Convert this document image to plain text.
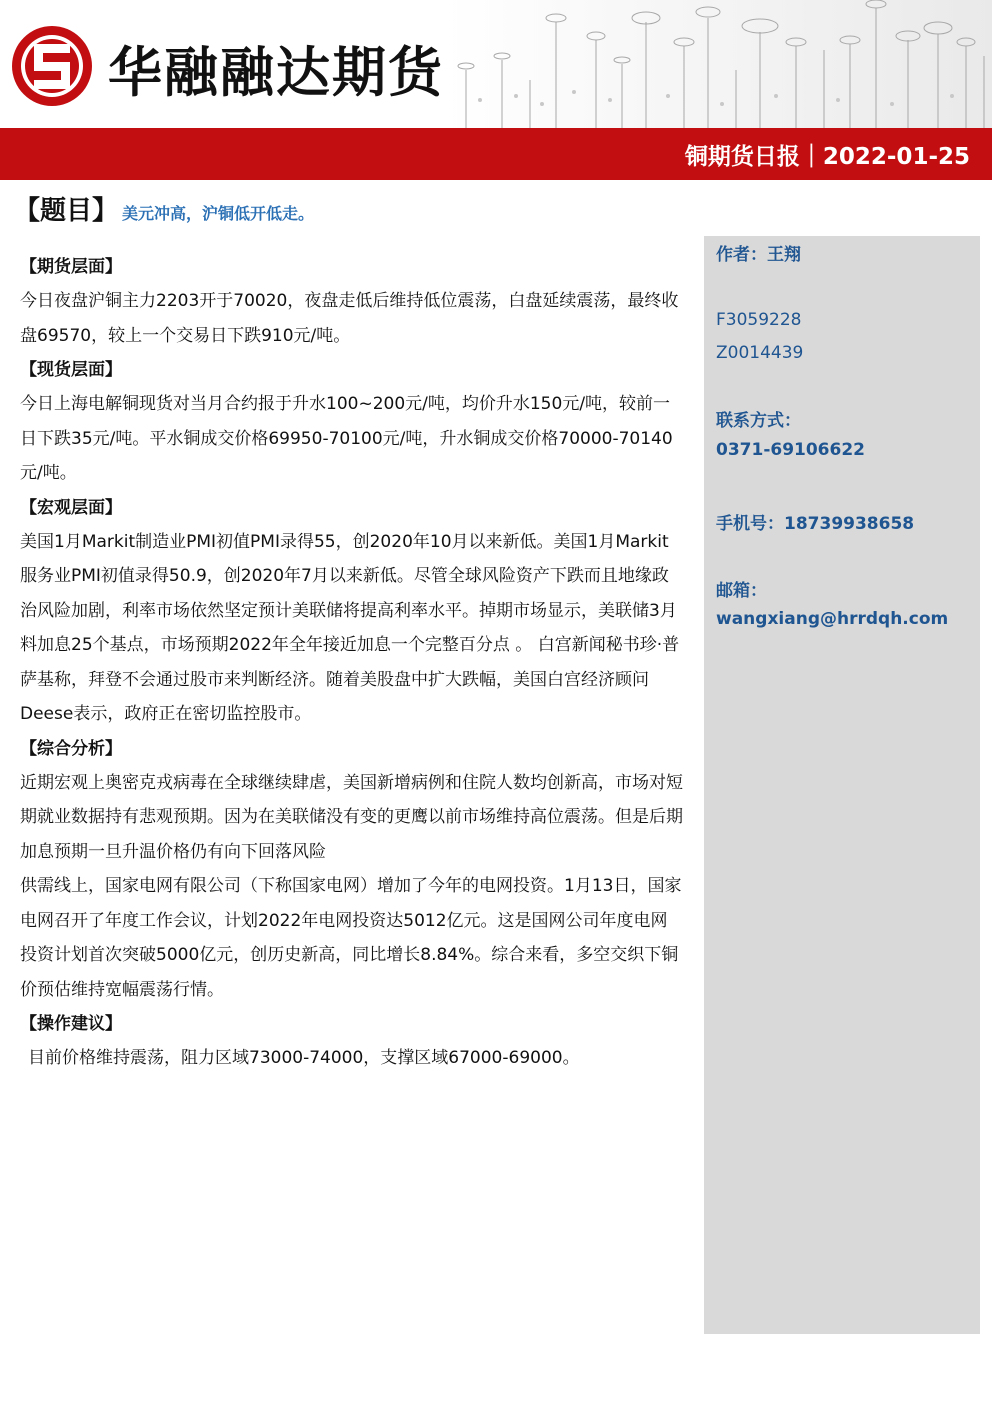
华融融达期货
铜期货日报｜2022-01-25
【题目】 美元冲高，沪铜低开低走。
作者：王翔
F3059228
Z0014439
联系方式：
0371-69106622
手机号：18739938658
邮箱：
wangxiang@hrrdqh.com
【期货层面】
今日夜盘沪铜主力2203开于70020，夜盘走低后维持低位震荡，白盘延续震荡，最终收盘69570，较上一个交易日下跌910元/吨。
【现货层面】
今日上海电解铜现货对当月合约报于升水100~200元/吨，均价升水150元/吨，较前一日下跌35元/吨。平水铜成交价格69950-70100元/吨，升水铜成交价格70000-70140元/吨。
【宏观层面】
美国1月Markit制造业PMI初值PMI录得55，创2020年10月以来新低。美国1月Markit服务业PMI初值录得50.9，创2020年7月以来新低。尽管全球风险资产下跌而且地缘政治风险加剧，利率市场依然坚定预计美联储将提高利率水平。掉期市场显示，美联储3月料加息25个基点，市场预期2022年全年接近加息一个完整百分点 。 白宫新闻秘书珍·普萨基称，拜登不会通过股市来判断经济。随着美股盘中扩大跌幅，美国白宫经济顾问Deese表示，政府正在密切监控股市。
【综合分析】
近期宏观上奥密克戎病毒在全球继续肆虐，美国新增病例和住院人数均创新高，市场对短期就业数据持有悲观预期。因为在美联储没有变的更鹰以前市场维持高位震荡。但是后期加息预期一旦升温价格仍有向下回落风险
供需线上，国家电网有限公司（下称国家电网）增加了今年的电网投资。1月13日，国家电网召开了年度工作会议，计划2022年电网投资达5012亿元。这是国网公司年度电网投资计划首次突破5000亿元，创历史新高，同比增长8.84%。综合来看，多空交织下铜价预估维持宽幅震荡行情。
【操作建议】
目前价格维持震荡，阻力区域73000-74000，支撑区域67000-69000。
